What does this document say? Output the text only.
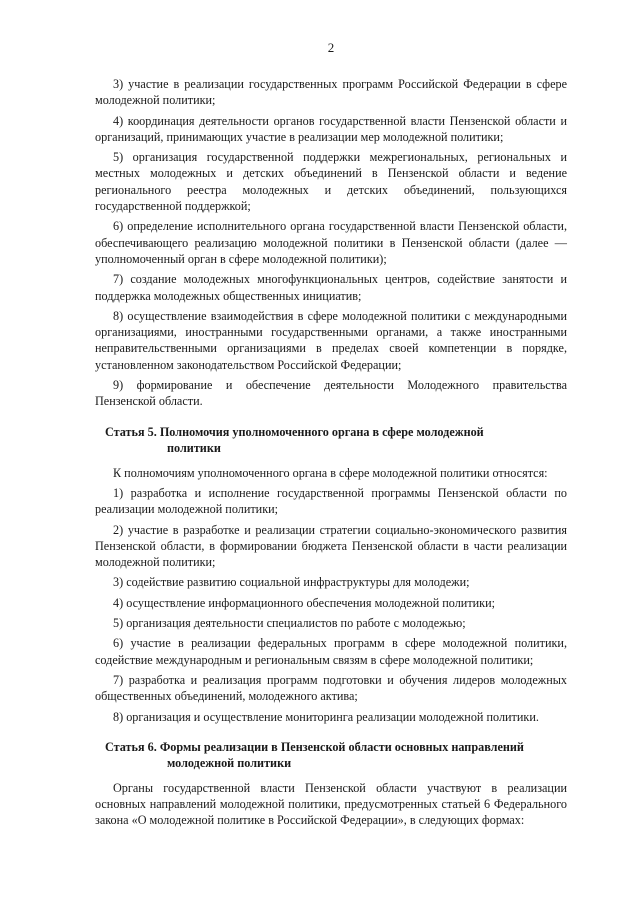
2

3) участие в реализации государственных программ Российской Федерации в сфере молодежной политики;

4) координация деятельности органов государственной власти Пензенской области и организаций, принимающих участие в реализации мер молодежной политики;

5) организация государственной поддержки межрегиональных, региональных и местных молодежных и детских объединений в Пензенской области и ведение регионального реестра молодежных и детских объединений, пользующихся государственной поддержкой;

6) определение исполнительного органа государственной власти Пензенской области, обеспечивающего реализацию молодежной политики в Пензенской области (далее — уполномоченный орган в сфере молодежной политики);

7) создание молодежных многофункциональных центров, содействие занятости и поддержка молодежных общественных инициатив;

8) осуществление взаимодействия в сфере молодежной политики с международными организациями, иностранными государственными органами, а также иностранными неправительственными организациями в пределах своей компетенции в порядке, установленном законодательством Российской Федерации;

9) формирование и обеспечение деятельности Молодежного правительства Пензенской области.

Статья 5. Полномочия уполномоченного органа в сфере молодежной
политики

К полномочиям уполномоченного органа в сфере молодежной политики относятся:

1) разработка и исполнение государственной программы Пензенской области по реализации молодежной политики;

2) участие в разработке и реализации стратегии социально-экономического развития Пензенской области, в формировании бюджета Пензенской области в части реализации молодежной политики;

3) содействие развитию социальной инфраструктуры для молодежи;

4) осуществление информационного обеспечения молодежной политики;

5) организация деятельности специалистов по работе с молодежью;

6) участие в реализации федеральных программ в сфере молодежной политики, содействие международным и региональным связям в сфере молодежной политики;

7) разработка и реализация программ подготовки и обучения лидеров молодежных общественных объединений, молодежного актива;

8) организация и осуществление мониторинга реализации молодежной политики.

Статья 6. Формы реализации в Пензенской области основных направлений
молодежной политики

Органы государственной власти Пензенской области участвуют в реализации основных направлений молодежной политики, предусмотренных статьей 6 Федерального закона «О молодежной политике в Российской Федерации», в следующих формах:
